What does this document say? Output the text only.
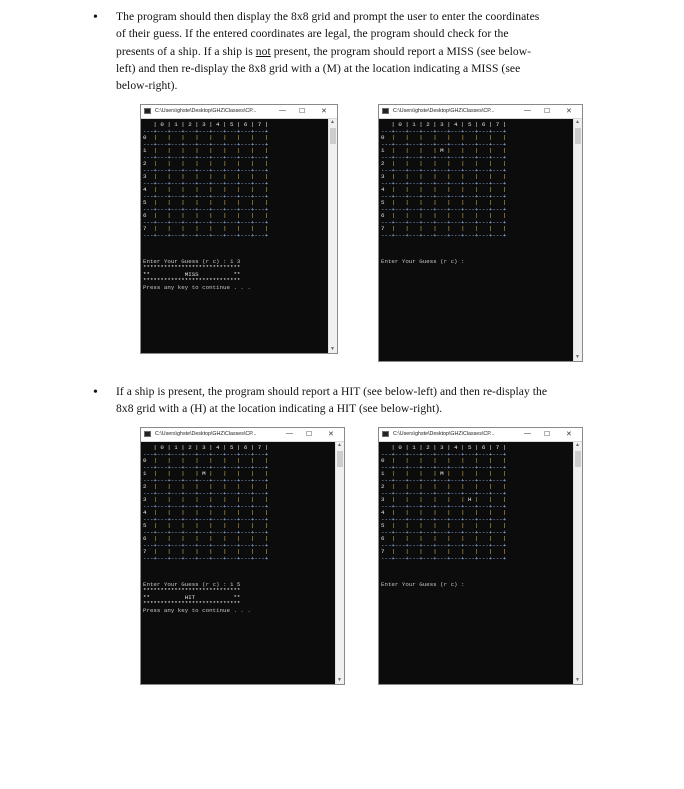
• The program should then display the 8x8 grid and prompt the user to enter the coordinates
of their guess. If the entered coordinates are legal, the program should check for the
presents of a ship. If a ship is not present, the program should report a MISS (see below-
left) and then re-display the 8x8 grid with a (M) at the location indicating a MISS (see
below-right).
• If a ship is present, the program should report a HIT (see below-left) and then re-display the
8x8 grid with a (H) at the location indicating a HIT (see below-right).
C:\Users\ghste\Desktop\GHZ\Classes\CP...	— ☐ ✕
▲
▼
| 0 | 1 | 2 | 3 | 4 | 5 | 6 | 7 |
---+---+---+---+---+---+---+---+---+
0 | | | | | | | | |
---+---+---+---+---+---+---+---+---+
1 | | | | | | | | |
---+---+---+---+---+---+---+---+---+
2 | | | | | | | | |
---+---+---+---+---+---+---+---+---+
3 | | | | | | | | |
---+---+---+---+---+---+---+---+---+
4 | | | | | | | | |
---+---+---+---+---+---+---+---+---+
5 | | | | | | | | |
---+---+---+---+---+---+---+---+---+
6 | | | | | | | | |
---+---+---+---+---+---+---+---+---+
7 | | | | | | | | |
---+---+---+---+---+---+---+---+---+

Enter Your Guess (r c) : 1 3
****************************
**          MISS          **
****************************
Press any key to continue . . .

C:\Users\ghste\Desktop\GHZ\Classes\CP...	— ☐ ✕
▲
▼
| 0 | 1 | 2 | 3 | 4 | 5 | 6 | 7 |
---+---+---+---+---+---+---+---+---+
0 | | | | | | | | |
---+---+---+---+---+---+---+---+---+
1 | | | | M | | | | |
---+---+---+---+---+---+---+---+---+
2 | | | | | | | | |
---+---+---+---+---+---+---+---+---+
3 | | | | | | | | |
---+---+---+---+---+---+---+---+---+
4 | | | | | | | | |
---+---+---+---+---+---+---+---+---+
5 | | | | | | | | |
---+---+---+---+---+---+---+---+---+
6 | | | | | | | | |
---+---+---+---+---+---+---+---+---+
7 | | | | | | | | |
---+---+---+---+---+---+---+---+---+

Enter Your Guess (r c) :

C:\Users\ghste\Desktop\GHZ\Classes\CP...	— ☐ ✕
▲
▼
| 0 | 1 | 2 | 3 | 4 | 5 | 6 | 7 |
---+---+---+---+---+---+---+---+---+
0 | | | | | | | | |
---+---+---+---+---+---+---+---+---+
1 | | | | M | | | | |
---+---+---+---+---+---+---+---+---+
2 | | | | | | | | |
---+---+---+---+---+---+---+---+---+
3 | | | | | | | | |
---+---+---+---+---+---+---+---+---+
4 | | | | | | | | |
---+---+---+---+---+---+---+---+---+
5 | | | | | | | | |
---+---+---+---+---+---+---+---+---+
6 | | | | | | | | |
---+---+---+---+---+---+---+---+---+
7 | | | | | | | | |
---+---+---+---+---+---+---+---+---+

Enter Your Guess (r c) : 1 5
****************************
**          HIT           **
****************************
Press any key to continue . . .

C:\Users\ghste\Desktop\GHZ\Classes\CP...	— ☐ ✕
▲
▼
| 0 | 1 | 2 | 3 | 4 | 5 | 6 | 7 |
---+---+---+---+---+---+---+---+---+
0 | | | | | | | | |
---+---+---+---+---+---+---+---+---+
1 | | | | M | | | | |
---+---+---+---+---+---+---+---+---+
2 | | | | | | | | |
---+---+---+---+---+---+---+---+---+
3 | | | | | | H | | |
---+---+---+---+---+---+---+---+---+
4 | | | | | | | | |
---+---+---+---+---+---+---+---+---+
5 | | | | | | | | |
---+---+---+---+---+---+---+---+---+
6 | | | | | | | | |
---+---+---+---+---+---+---+---+---+
7 | | | | | | | | |
---+---+---+---+---+---+---+---+---+

Enter Your Guess (r c) :
